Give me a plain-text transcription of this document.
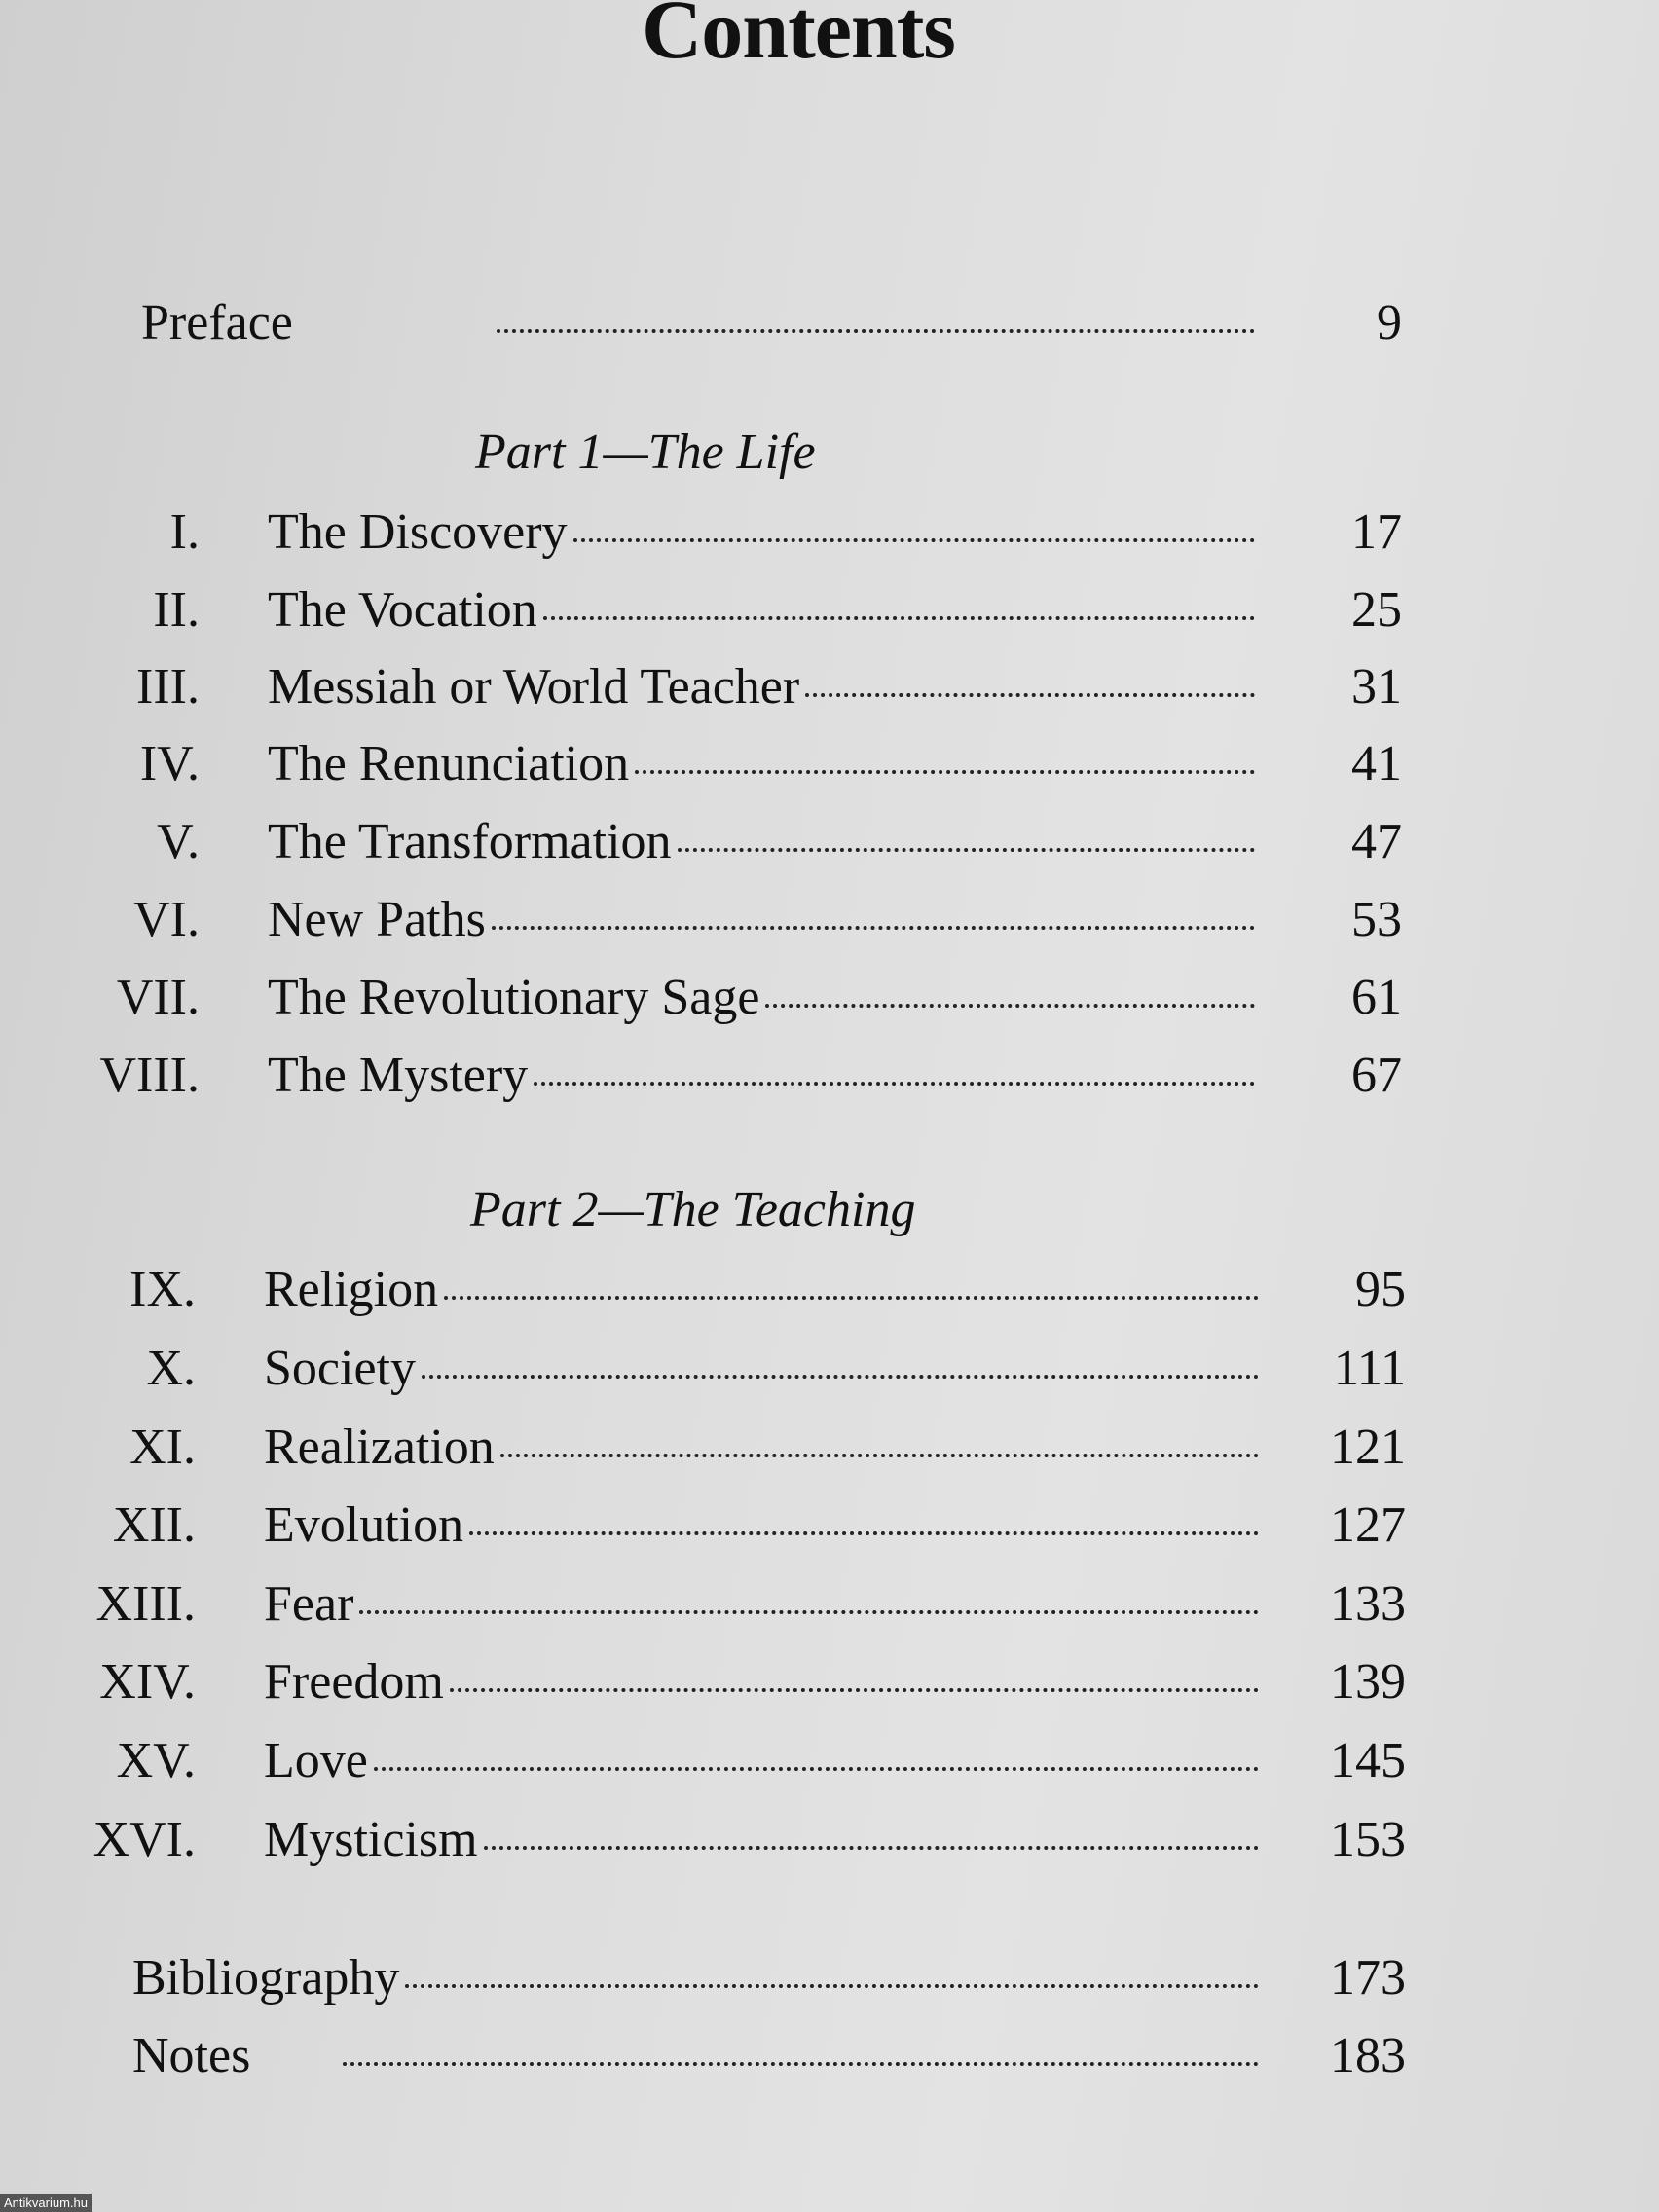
Contents
Preface	9
Part 1—The Life
I.	The Discovery	17
II.	The Vocation	25
III.	Messiah or World Teacher	31
IV.	The Renunciation	41
V.	The Transformation	47
VI.	New Paths	53
VII.	The Revolutionary Sage	61
VIII.	The Mystery	67
Part 2—The Teaching
IX.	Religion	95
X.	Society	111
XI.	Realization	121
XII.	Evolution	127
XIII.	Fear	133
XIV.	Freedom	139
XV.	Love	145
XVI.	Mysticism	153
Bibliography	173
Notes	183
Antikvarium.hu
